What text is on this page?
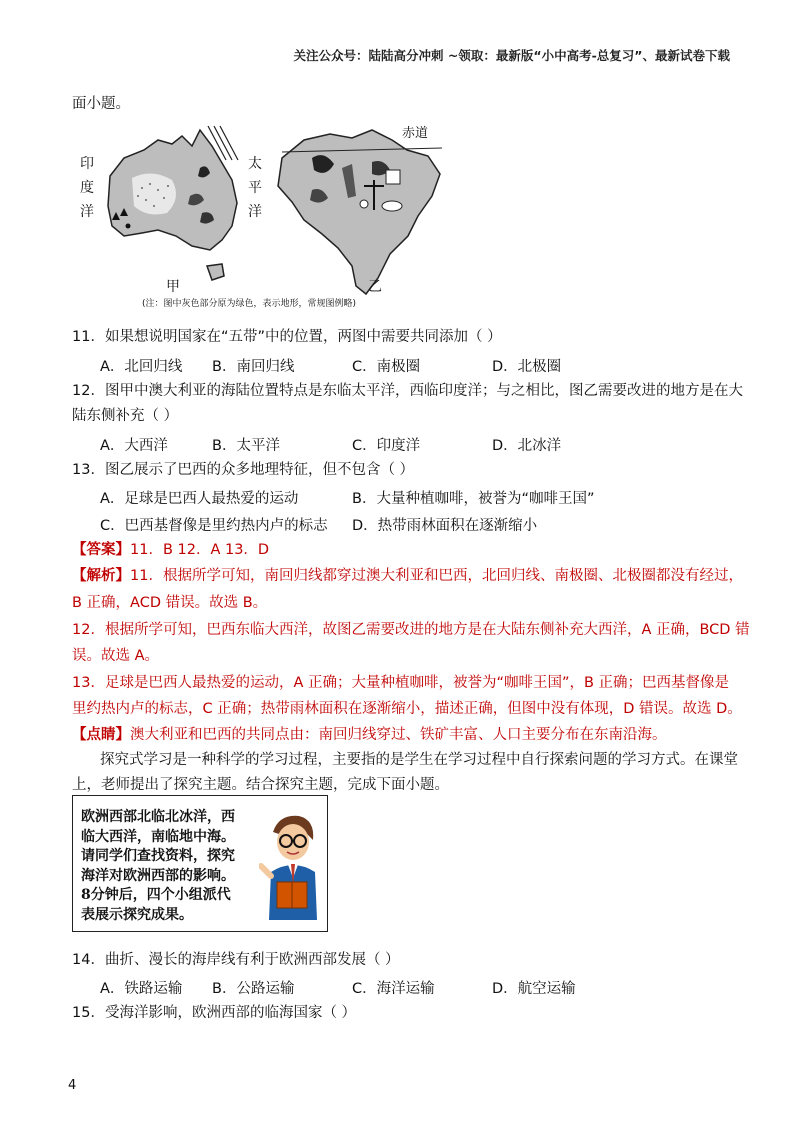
关注公众号：陆陆高分冲刺 ~领取：最新版“小中高考-总复习”、最新试卷下载
面小题。
印
度
洋
太
平
洋
甲
赤道
乙
(注：图中灰色部分原为绿色，表示地形，常规图例略)
11．如果想说明国家在“五带”中的位置，两图中需要共同添加（ ）
A．北回归线 B．南回归线	C．南极圈	D．北极圈
12．图甲中澳大利亚的海陆位置特点是东临太平洋，西临印度洋；与之相比，图乙需要改进的地方是在大
陆东侧补充（ ）
A．大西洋	B．太平洋	C．印度洋	D．北冰洋
13．图乙展示了巴西的众多地理特征，但不包含（ ）
A．足球是巴西人最热爱的运动	B．大量种植咖啡，被誉为“咖啡王国”
C．巴西基督像是里约热内卢的标志 D．热带雨林面积在逐渐缩小
【答案】11．B 12．A 13．D
【解析】11．根据所学可知，南回归线都穿过澳大利亚和巴西，北回归线、南极圈、北极圈都没有经过，
B 正确，ACD 错误。故选 B。
12．根据所学可知，巴西东临大西洋，故图乙需要改进的地方是在大陆东侧补充大西洋，A 正确，BCD 错
误。故选 A。
13．足球是巴西人最热爱的运动，A 正确；大量种植咖啡，被誉为“咖啡王国”，B 正确；巴西基督像是
里约热内卢的标志，C 正确；热带雨林面积在逐渐缩小，描述正确，但图中没有体现，D 错误。故选 D。
【点睛】澳大利亚和巴西的共同点由：南回归线穿过、铁矿丰富、人口主要分布在东南沿海。
探究式学习是一种科学的学习过程，主要指的是学生在学习过程中自行探索问题的学习方式。在课堂
上，老师提出了探究主题。结合探究主题，完成下面小题。
欧洲西部北临北冰洋，西
临大西洋，南临地中海。
请同学们查找资料，探究
海洋对欧洲西部的影响。
8分钟后，四个小组派代
表展示探究成果。
14．曲折、漫长的海岸线有利于欧洲西部发展（ ）
A．铁路运输 B．公路运输	C．海洋运输	D．航空运输
15．受海洋影响，欧洲西部的临海国家（ ）
4
